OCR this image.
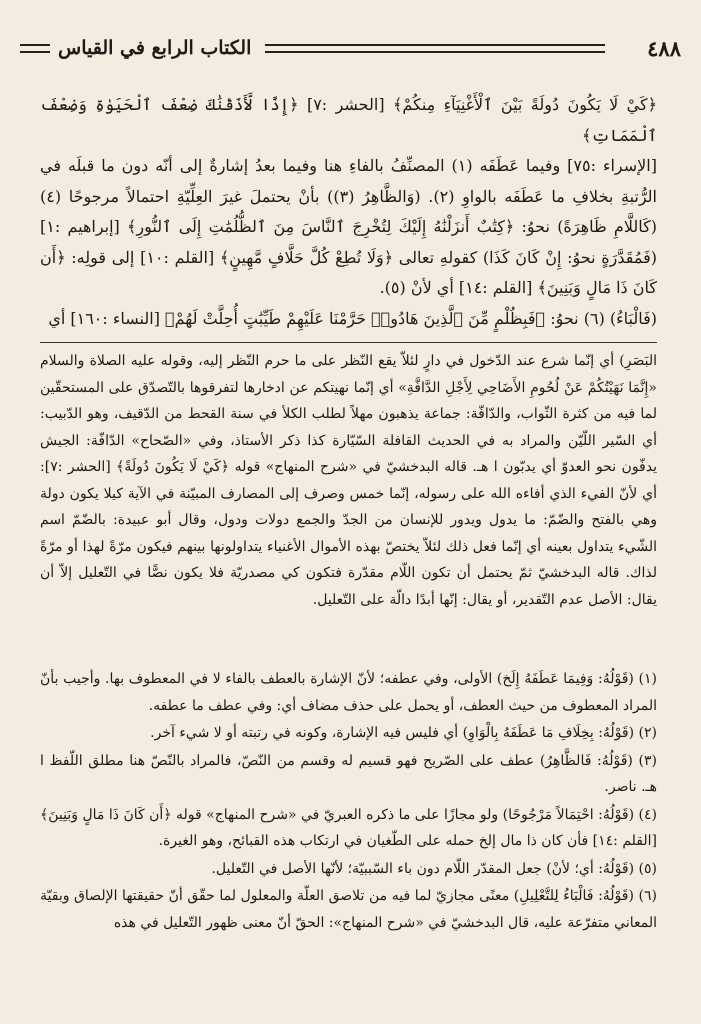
٤٨٨
الكتاب الرابع في القياس

﴿كَيْ لَا يَكُونَ دُولَةً بَيْنَ ٱلْأَغْنِيَآءِ مِنكُمْ﴾ [الحشر :٧] ﴿إِذًا لَّأَذَقْنَٰكَ ضِعْفَ ٱلْحَيَوٰةِ وَضِعْفَ ٱلْمَمَاتِ﴾

[الإسراء :٧٥] وفيما عَطَفَه (١) المصنِّفُ بالفاءِ هنا وفيما بعدُ إشارةٌ إلى أنّه دون ما قبلَه في الرُّتبةِ بخلافِ ما عَطَفَه بالواوِ (٢). (وَالظَّاهِرُ (٣)) بأنْ يحتملَ غيرَ العِلِّيّةِ احتمالاً مرجوحًا (٤) (كَاللَّامِ ظَاهِرَةً) نحوُ: ﴿كِتَٰبٌ أَنزَلْنَٰهُ إِلَيْكَ لِتُخْرِجَ ٱلنَّاسَ مِنَ ٱلظُّلُمَٰتِ إِلَى ٱلنُّورِ﴾ [إبراهيم :١] (فَمُقَدَّرَةٍ نحوُ: إِنْ كَانَ كَذَا) كقولهِ تعالى ﴿وَلَا تُطِعْ كُلَّ حَلَّافٍ مَّهِينٍ﴾ [القلم :١٠] إلى قولِه: ﴿أَن كَانَ ذَا مَالٍ وَبَنِينَ﴾ [القلم :١٤] أي لأنْ (٥).

(فَالْبَاءُ) (٦) نحوُ: ﴿فَبِظُلْمٍ مِّنَ ٱلَّذِينَ هَادُوا۟ حَرَّمْنَا عَلَيْهِمْ طَيِّبَٰتٍ أُحِلَّتْ لَهُمْ﴾ [النساء :١٦٠] أي

البَصَرِ) أي إنّما شرع عند الدّخول في دارٍ لئلاّ يقع النّظر على ما حرم النّظر إليه، وقوله عليه الصلاة والسلام «إِنَّمَا نَهَيْتُكُمْ عَنْ لُحُومِ الأَضَاحِي لِأَجْلِ الدَّافَّةِ» أي إنّما نهيتكم عن ادخارها لتفرقوها بالتّصدّق على المستحقّين لما فيه من كثرة الثّواب، والدّافّة: جماعة يذهبون مهلاً لطلب الكلأ في سنة القحط من الدّقيف، وهو الدّبيب: أي السّير اللّيّن والمراد به في الحديث القافلة السّيّارة كذا ذكر الأستاذ، وفي «الصّحاح» الدّافّة: الجيش يدفّون نحو العدوّ أي يدبّون ا هـ. قاله البدخشيّ في «شرح المنهاج» قوله ﴿كَيْ لَا يَكُونَ دُولَةً﴾ [الحشر :٧]: أي لأنّ الفيء الذي أفاءه الله على رسوله، إنّما خمس وصرف إلى المصارف المبيّنة في الآية كيلا يكون دولة وهي بالفتح والضّمّ: ما يدول ويدور للإنسان من الجدّ والجمع دولات ودول، وقال أبو عبيدة: بالضّمّ اسم الشّيء يتداول بعينه أي إنّما فعل ذلك لئلاّ يختصّ بهذه الأموال الأغنياء يتداولونها بينهم فيكون مرّةً لهذا أو مرّةً لذاك. قاله البدخشيّ ثمّ يحتمل أن تكون اللّام مقدّرة فتكون كي مصدريّة فلا يكون نصًّا في التّعليل إلاّ أن يقال: الأصل عدم التّقدير، أو يقال: إنّها أبدًا دالّة على التّعليل.

(١) (قَوْلُهُ: وَفِيمَا عَطَفَهُ إِلَخ) الأولى، وفي عطفه؛ لأنّ الإشارة بالعطف بالفاء لا في المعطوف بها. وأجيب بأنّ المراد المعطوف من حيث العطف، أو يحمل على حذف مضاف أي: وفي عطف ما عطفه.

(٢) (قَوْلُهُ: بِخِلَافِ مَا عَطَفَهُ بِالْوَاوِ) أي فليس فيه الإشارة، وكونه في رتبته أو لا شيء آخر.

(٣) (قَوْلُهُ: فَالظَّاهِرُ) عطف على الصّريح فهو قسيم له وقسم من النّصّ، فالمراد بالنّصّ هنا مطلق اللّفظ ا هـ. ناصر.

(٤) (قَوْلُهُ: احْتِمَالاً مَرْجُوحًا) ولو مجازًا على ما ذكره العبريّ في «شرح المنهاج» قوله ﴿أَن كَانَ ذَا مَالٍ وَبَنِينَ﴾ [القلم :١٤] فأن كان ذا مال إلخ حمله على الطّغيان في ارتكاب هذه القبائح، وهو الغيرة.

(٥) (قَوْلُهُ: أي؛ لأنْ) جعل المقدّر اللّام دون باء السّببيّة؛ لأنّها الأصل في التّعليل.

(٦) (قَوْلُهُ: فَالْبَاءُ لِلتَّعْلِيلِ) معنًى مجازيّ لما فيه من تلاصق العلّة والمعلول لما حقّق أنّ حقيقتها الإلصاق وبقيّة المعاني متفرّعة عليه، قال البدخشيّ في «شرح المنهاج»: الحقّ أنّ معنى ظهور التّعليل في هذه
